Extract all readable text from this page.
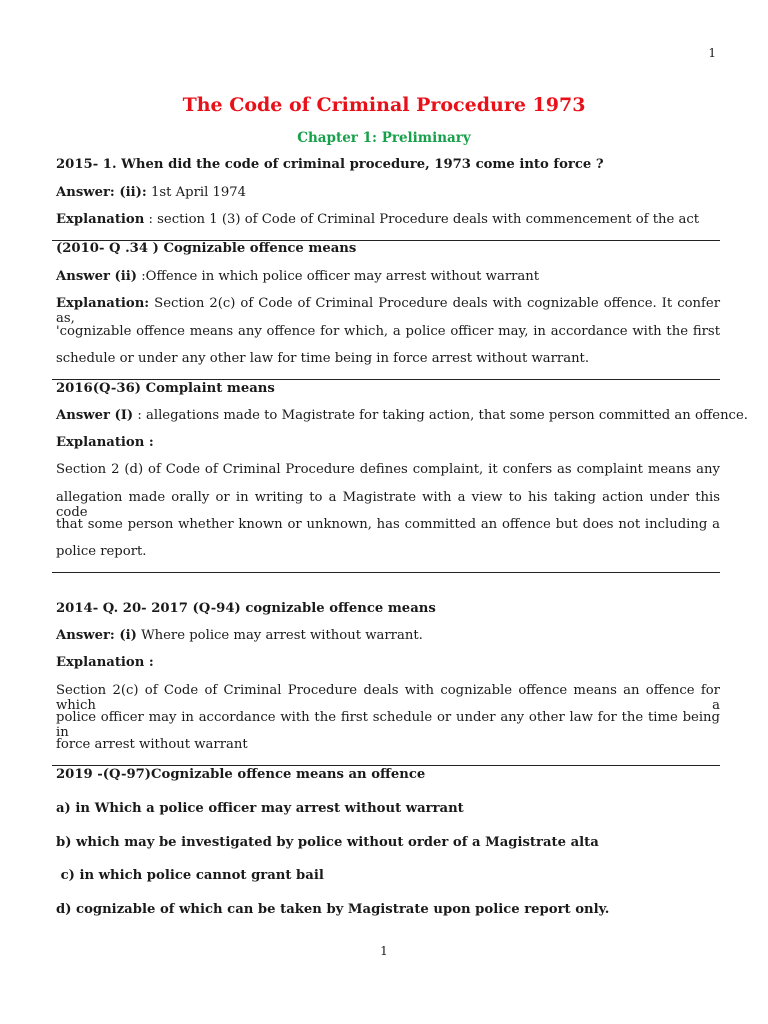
1
The Code of Criminal Procedure 1973
Chapter 1: Preliminary
2015- 1. When did the code of criminal procedure, 1973 come into force ?
Answer: (ii): 1st April 1974
Explanation : section 1 (3) of Code of Criminal Procedure deals with commencement of the act
(2010- Q .34 ) Cognizable offence means
Answer (ii) :Offence in which police officer may arrest without warrant
Explanation: Section 2(c) of Code of Criminal Procedure deals with cognizable offence. It confer as,
'cognizable offence means any offence for which, a police officer may, in accordance with the first
schedule or under any other law for time being in force arrest without warrant.
2016(Q-36) Complaint means
Answer (I) : allegations made to Magistrate for taking action, that some person committed an offence.
Explanation :
Section 2 (d) of Code of Criminal Procedure defines complaint, it confers as complaint means any
allegation made orally or in writing to a Magistrate with a view to his taking action under this code
that some person whether known or unknown, has committed an offence but does not including a
police report.
2014- Q. 20- 2017 (Q-94) cognizable offence means
Answer: (i) Where police may arrest without warrant.
Explanation :
Section 2(c) of Code of Criminal Procedure deals with cognizable offence means an offence for which a
police officer may in accordance with the first schedule or under any other law for the time being in
force arrest without warrant
2019 -(Q-97)Cognizable offence means an offence
a) in Which a police officer may arrest without warrant
b) which may be investigated by police without order of a Magistrate alta
c) in which police cannot grant bail
d) cognizable of which can be taken by Magistrate upon police report only.
1
